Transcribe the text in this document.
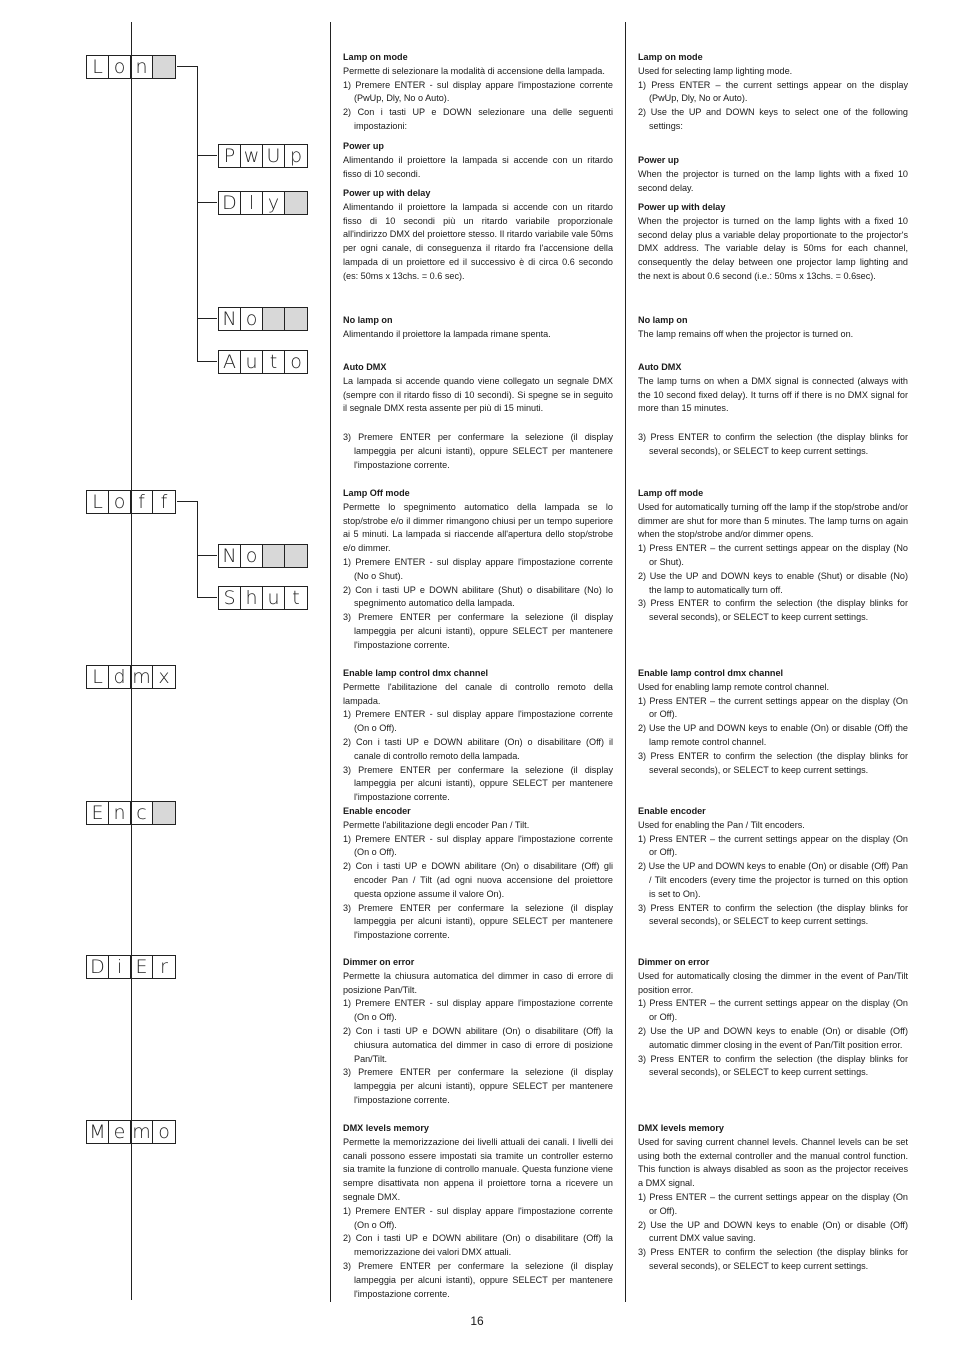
L o n
P w U p
D l y
N o
A u t o
L o f f
N o
S h u t
L d m x
E n c
D i E r
M e m o
Lamp on mode
Permette di selezionare la modalità di accensione della lampada.
1) Premere ENTER - sul display appare l'impostazione corrente (PwUp, Dly, No o Auto).
2) Con i tasti UP e DOWN selezionare una delle seguenti impostazioni:
Power up
Alimentando il proiettore la lampada si accende con un ritardo fisso di 10 secondi.
Power up with delay
Alimentando il proiettore la lampada si accende con un ritardo fisso di 10 secondi più un ritardo variabile proporzionale all'indirizzo DMX del proiettore stesso. Il ritardo variabile vale 50ms per ogni canale, di conseguenza il ritardo fra l'accensione della lampada di un proiettore ed il successivo è di circa 0.6 secondo (es: 50ms x 13chs. = 0.6 sec).
No lamp on
Alimentando il proiettore la lampada rimane spenta.
Auto DMX
La lampada si accende quando viene collegato un segnale DMX (sempre con il ritardo fisso di 10 secondi). Si spegne se in seguito il segnale DMX resta assente per più di 15 minuti.
3) Premere ENTER per confermare la selezione (il display lampeggia per alcuni istanti), oppure SELECT per mantenere l'impostazione corrente.
Lamp Off mode
Permette lo spegnimento automatico della lampada se lo stop/strobe e/o il dimmer rimangono chiusi per un tempo superiore ai 5 minuti. La lampada si riaccende all'apertura dello stop/strobe e/o dimmer.
1) Premere ENTER - sul display appare l'impostazione corrente (No o Shut).
2) Con i tasti UP e DOWN abilitare (Shut) o disabilitare (No) lo spegnimento automatico della lampada.
3) Premere ENTER per confermare la selezione (il display lampeggia per alcuni istanti), oppure SELECT per mantenere l'impostazione corrente.
Enable lamp control dmx channel
Permette l'abilitazione del canale di controllo remoto della lampada.
1) Premere ENTER - sul display appare l'impostazione corrente (On o Off).
2) Con i tasti UP e DOWN abilitare (On) o disabilitare (Off) il canale di controllo remoto della lampada.
3) Premere ENTER per confermare la selezione (il display lampeggia per alcuni istanti), oppure SELECT per mantenere l'impostazione corrente.
Enable encoder
Permette l'abilitazione degli encoder Pan / Tilt.
1) Premere ENTER - sul display appare l'impostazione corrente (On o Off).
2) Con i tasti UP e DOWN abilitare (On) o disabilitare (Off) gli encoder Pan / Tilt (ad ogni nuova accensione del proiettore questa opzione assume il valore On).
3) Premere ENTER per confermare la selezione (il display lampeggia per alcuni istanti), oppure SELECT per mantenere l'impostazione corrente.
Dimmer on error
Permette la chiusura automatica del dimmer in caso di errore di posizione Pan/Tilt.
1) Premere ENTER - sul display appare l'impostazione corrente (On o Off).
2) Con i tasti UP e DOWN abilitare (On) o disabilitare (Off) la chiusura automatica del dimmer in caso di errore di posizione Pan/Tilt.
3) Premere ENTER per confermare la selezione (il display lampeggia per alcuni istanti), oppure SELECT per mantenere l'impostazione corrente.
DMX levels memory
Permette la memorizzazione dei livelli attuali dei canali. I livelli dei canali possono essere impostati sia tramite un controller esterno sia tramite la funzione di controllo manuale. Questa funzione viene sempre disattivata non appena il proiettore torna a ricevere un segnale DMX.
1) Premere ENTER - sul display appare l'impostazione corrente (On o Off).
2) Con i tasti UP e DOWN abilitare (On) o disabilitare (Off) la memorizzazione dei valori DMX attuali.
3) Premere ENTER per confermare la selezione (il display lampeggia per alcuni istanti), oppure SELECT per mantenere l'impostazione corrente.
Lamp on mode
Used for selecting lamp lighting mode.
1) Press ENTER – the current settings appear on the display (PwUp, Dly, No or Auto).
2) Use the UP and DOWN keys to select one of the following settings:
Power up
When the projector is turned on the lamp lights with a fixed 10 second delay.
Power up with delay
When the projector is turned on the lamp lights with a fixed 10 second delay plus a variable delay proportionate to the projector's DMX address. The variable delay is 50ms for each channel, consequently the delay between one projector lamp lighting and the next is about 0.6 second (i.e.: 50ms x 13chs. = 0.6sec).
No lamp on
The lamp remains off when the projector is turned on.
Auto DMX
The lamp turns on when a DMX signal is connected (always with the 10 second fixed delay). It turns off if there is no DMX signal for more than 15 minutes.
3) Press ENTER to confirm the selection (the display blinks for several seconds), or SELECT to keep current settings.
Lamp off mode
Used for automatically turning off the lamp if the stop/strobe and/or dimmer are shut for more than 5 minutes. The lamp turns on again when the stop/strobe and/or dimmer opens.
1) Press ENTER – the current settings appear on the display (No or Shut).
2) Use the UP and DOWN keys to enable (Shut) or disable (No) the lamp to automatically turn off.
3) Press ENTER to confirm the selection (the display blinks for several seconds), or SELECT to keep current settings.
Enable lamp control dmx channel
Used for enabling lamp remote control channel.
1) Press ENTER – the current settings appear on the display (On or Off).
2) Use the UP and DOWN keys to enable (On) or disable (Off) the lamp remote control channel.
3) Press ENTER to confirm the selection (the display blinks for several seconds), or SELECT to keep current settings.
Enable encoder
Used for enabling the Pan / Tilt encoders.
1) Press ENTER – the current settings appear on the display (On or Off).
2) Use the UP and DOWN keys to enable (On) or disable (Off) Pan / Tilt encoders (every time the projector is turned on this option is set to On).
3) Press ENTER to confirm the selection (the display blinks for several seconds), or SELECT to keep current settings.
Dimmer on error
Used for automatically closing the dimmer in the event of Pan/Tilt position error.
1) Press ENTER – the current settings appear on the display (On or Off).
2) Use the UP and DOWN keys to enable (On) or disable (Off) automatic dimmer closing in the event of Pan/Tilt position error.
3) Press ENTER to confirm the selection (the display blinks for several seconds), or SELECT to keep current settings.
DMX levels memory
Used for saving current channel levels. Channel levels can be set using both the external controller and the manual control function. This function is always disabled as soon as the projector receives a DMX signal.
1) Press ENTER – the current settings appear on the display (On or Off).
2) Use the UP and DOWN keys to enable (On) or disable (Off) current DMX value saving.
3) Press ENTER to confirm the selection (the display blinks for several seconds), or SELECT to keep current settings.
16
